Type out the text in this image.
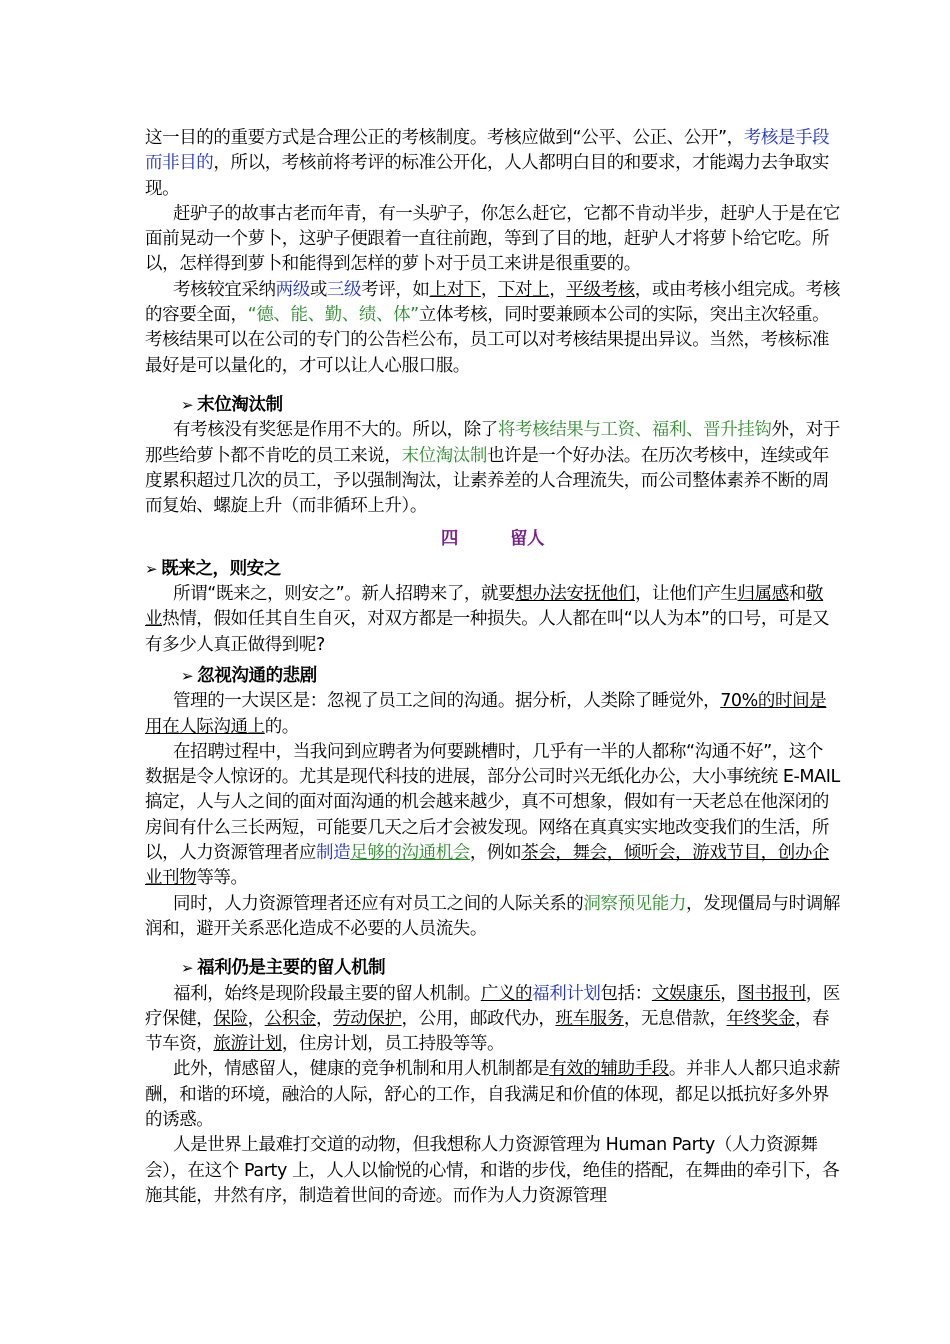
这一目的的重要方式是合理公正的考核制度。考核应做到“公平、公正、公开”，考核是手段而非目的，所以，考核前将考评的标准公开化，人人都明白目的和要求，才能竭力去争取实现。

赶驴子的故事古老而年青，有一头驴子，你怎么赶它，它都不肯动半步，赶驴人于是在它面前晃动一个萝卜，这驴子便跟着一直往前跑，等到了目的地，赶驴人才将萝卜给它吃。所以，怎样得到萝卜和能得到怎样的萝卜对于员工来讲是很重要的。

考核较宜采纳两级或三级考评，如上对下，下对上，平级考核，或由考核小组完成。考核的容要全面，“德、能、勤、绩、体”立体考核，同时要兼顾本公司的实际，突出主次轻重。考核结果可以在公司的专门的公告栏公布，员工可以对考核结果提出异议。当然，考核标准最好是可以量化的，才可以让人心服口服。

➢ 末位淘汰制

有考核没有奖惩是作用不大的。所以，除了将考核结果与工资、福利、晋升挂钩外，对于那些给萝卜都不肯吃的员工来说，末位淘汰制也许是一个好办法。在历次考核中，连续或年度累积超过几次的员工，予以强制淘汰，让素养差的人合理流失，而公司整体素养不断的周而复始、螺旋上升（而非循环上升）。

四	留人

➢ 既来之，则安之

所谓“既来之，则安之”。新人招聘来了，就要想办法安抚他们，让他们产生归属感和敬业热情，假如任其自生自灭，对双方都是一种损失。人人都在叫“以人为本”的口号，可是又有多少人真正做得到呢?

➢ 忽视沟通的悲剧

管理的一大误区是：忽视了员工之间的沟通。据分析，人类除了睡觉外，70%的时间是用在人际沟通上的。

在招聘过程中，当我问到应聘者为何要跳槽时，几乎有一半的人都称“沟通不好”，这个数据是令人惊讶的。尤其是现代科技的进展，部分公司时兴无纸化办公，大小事统统 E-MAIL 搞定，人与人之间的面对面沟通的机会越来越少，真不可想象，假如有一天老总在他深闭的房间有什么三长两短，可能要几天之后才会被发现。网络在真真实实地改变我们的生活，所以，人力资源管理者应制造足够的沟通机会，例如茶会，舞会，倾听会，游戏节目，创办企业刊物等等。

同时，人力资源管理者还应有对员工之间的人际关系的洞察预见能力，发现僵局与时调解润和，避开关系恶化造成不必要的人员流失。

➢ 福利仍是主要的留人机制

福利，始终是现阶段最主要的留人机制。广义的福利计划包括：文娱康乐，图书报刊，医疗保健，保险，公积金，劳动保护，公用，邮政代办，班车服务，无息借款，年终奖金，春节车资，旅游计划，住房计划，员工持股等等。

此外，情感留人，健康的竞争机制和用人机制都是有效的辅助手段。并非人人都只追求薪酬，和谐的环境，融洽的人际，舒心的工作，自我满足和价值的体现，都足以抵抗好多外界的诱惑。

人是世界上最难打交道的动物，但我想称人力资源管理为 Human Party（人力资源舞会），在这个 Party 上，人人以愉悦的心情，和谐的步伐，绝佳的搭配，在舞曲的牵引下，各施其能，井然有序，制造着世间的奇迹。而作为人力资源管理
